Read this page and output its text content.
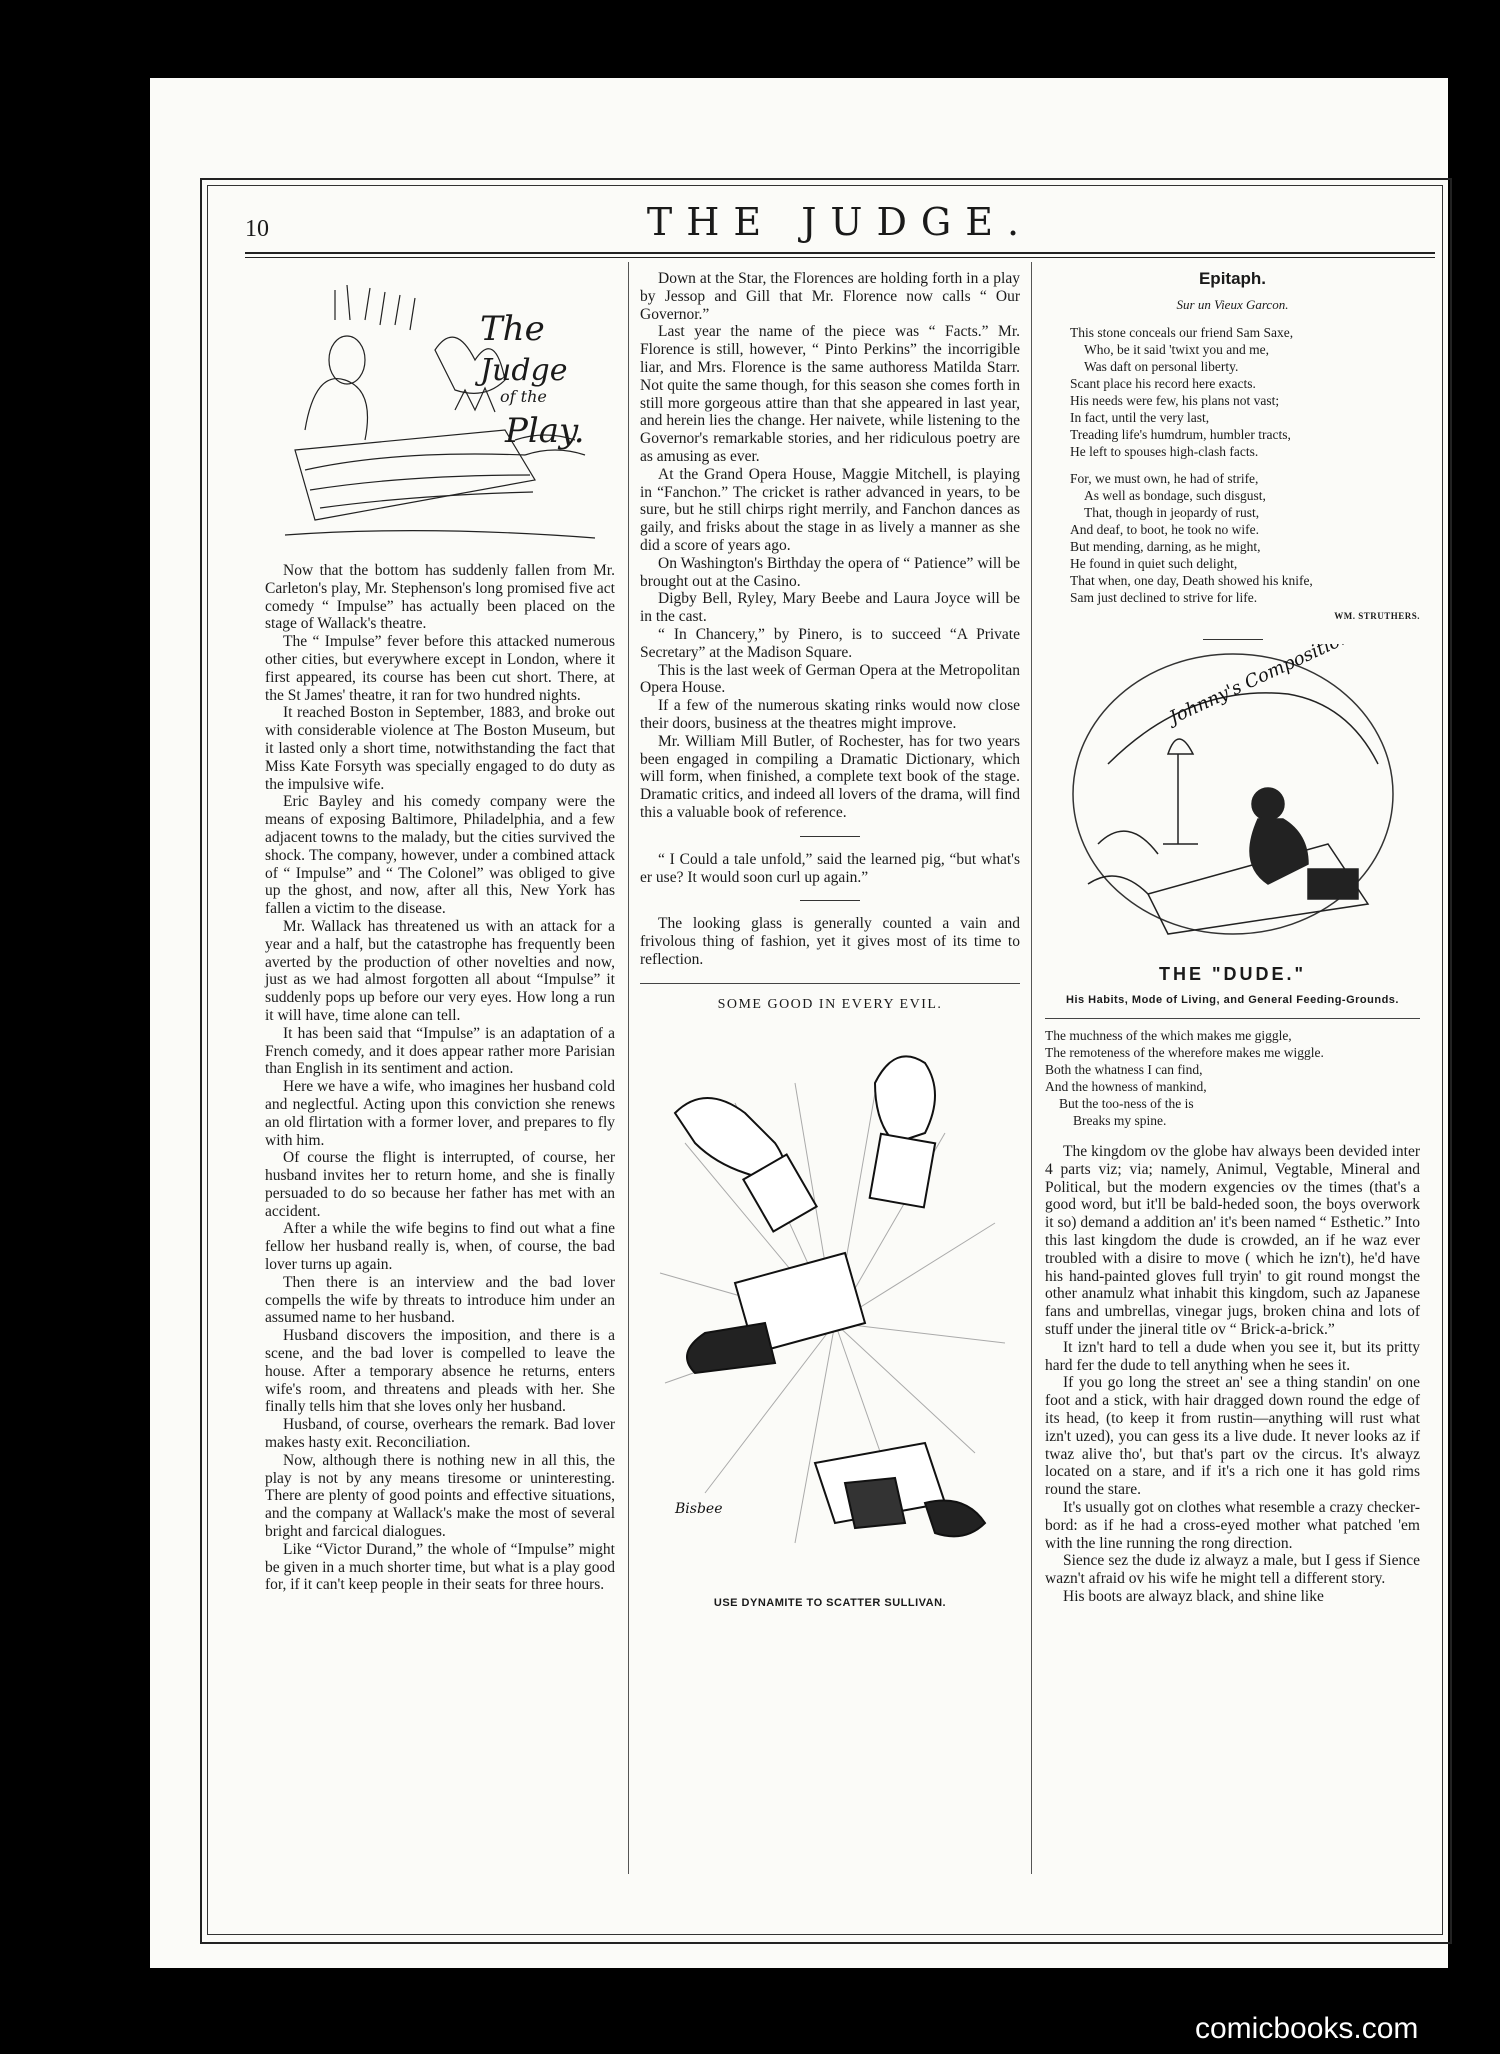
10	THE JUDGE.
The
Judge
of the
Play.

Now that the bottom has suddenly fallen from Mr. Carleton's play, Mr. Stephenson's long promised five act comedy “ Impulse” has actually been placed on the stage of Wallack's theatre.

The “ Impulse” fever before this attacked numerous other cities, but everywhere except in London, where it first appeared, its course has been cut short. There, at the St James' theatre, it ran for two hundred nights.

It reached Boston in September, 1883, and broke out with considerable violence at The Boston Museum, but it lasted only a short time, notwithstanding the fact that Miss Kate Forsyth was specially engaged to do duty as the impulsive wife.

Eric Bayley and his comedy company were the means of exposing Baltimore, Philadelphia, and a few adjacent towns to the malady, but the cities survived the shock. The company, however, under a combined attack of “ Impulse” and “ The Colonel” was obliged to give up the ghost, and now, after all this, New York has fallen a victim to the disease.

Mr. Wallack has threatened us with an attack for a year and a half, but the catastrophe has frequently been averted by the production of other novelties and now, just as we had almost forgotten all about “Impulse” it suddenly pops up before our very eyes. How long a run it will have, time alone can tell.

It has been said that “Impulse” is an adaptation of a French comedy, and it does appear rather more Parisian than English in its sentiment and action.

Here we have a wife, who imagines her husband cold and neglectful. Acting upon this conviction she renews an old flirtation with a former lover, and prepares to fly with him.

Of course the flight is interrupted, of course, her husband invites her to return home, and she is finally persuaded to do so because her father has met with an accident.

After a while the wife begins to find out what a fine fellow her husband really is, when, of course, the bad lover turns up again.

Then there is an interview and the bad lover compells the wife by threats to introduce him under an assumed name to her husband.

Husband discovers the imposition, and there is a scene, and the bad lover is compelled to leave the house. After a temporary absence he returns, enters wife's room, and threatens and pleads with her. She finally tells him that she loves only her husband.

Husband, of course, overhears the remark. Bad lover makes hasty exit. Reconciliation.

Now, although there is nothing new in all this, the play is not by any means tiresome or uninteresting. There are plenty of good points and effective situations, and the company at Wallack's make the most of several bright and farcical dialogues.

Like “Victor Durand,” the whole of “Impulse” might be given in a much shorter time, but what is a play good for, if it can't keep people in their seats for three hours.

Down at the Star, the Florences are holding forth in a play by Jessop and Gill that Mr. Florence now calls “ Our Governor.”

Last year the name of the piece was “ Facts.” Mr. Florence is still, however, “ Pinto Perkins” the incorrigible liar, and Mrs. Florence is the same authoress Matilda Starr. Not quite the same though, for this season she comes forth in still more gorgeous attire than that she appeared in last year, and herein lies the change. Her naivete, while listening to the Governor's remarkable stories, and her ridiculous poetry are as amusing as ever.

At the Grand Opera House, Maggie Mitchell, is playing in “Fanchon.” The cricket is rather advanced in years, to be sure, but he still chirps right merrily, and Fanchon dances as gaily, and frisks about the stage in as lively a manner as she did a score of years ago.

On Washington's Birthday the opera of “ Patience” will be brought out at the Casino.

Digby Bell, Ryley, Mary Beebe and Laura Joyce will be in the cast.

“ In Chancery,” by Pinero, is to succeed “A Private Secretary” at the Madison Square.

This is the last week of German Opera at the Metropolitan Opera House.

If a few of the numerous skating rinks would now close their doors, business at the theatres might improve.

Mr. William Mill Butler, of Rochester, has for two years been engaged in compiling a Dramatic Dictionary, which will form, when finished, a complete text book of the stage. Dramatic critics, and indeed all lovers of the drama, will find this a valuable book of reference.

“ I Could a tale unfold,” said the learned pig, “but what's er use? It would soon curl up again.”

The looking glass is generally counted a vain and frivolous thing of fashion, yet it gives most of its time to reflection.

SOME GOOD IN EVERY EVIL.
Bisbee
USE DYNAMITE TO SCATTER SULLIVAN.
Epitaph.
Sur un Vieux Garcon.
This stone conceals our friend Sam Saxe,
Who, be it said 'twixt you and me,
Was daft on personal liberty.
Scant place his record here exacts.
His needs were few, his plans not vast;
In fact, until the very last,
Treading life's humdrum, humbler tracts,
He left to spouses high-clash facts.
For, we must own, he had of strife,
As well as bondage, such disgust,
That, though in jeopardy of rust,
And deaf, to boot, he took no wife.
But mending, darning, as he might,
He found in quiet such delight,
That when, one day, Death showed his knife,
Sam just declined to strive for life.
WM. STRUTHERS.
Johnny's Composition
THE "DUDE."
His Habits, Mode of Living, and General Feeding-Grounds.
The muchness of the which makes me giggle,
The remoteness of the wherefore makes me wiggle.
Both the whatness I can find,
And the howness of mankind,
But the too-ness of the is
Breaks my spine.

The kingdom ov the globe hav always been devided inter 4 parts viz; via; namely, Animul, Vegtable, Mineral and Political, but the modern exgencies ov the times (that's a good word, but it'll be bald-heded soon, the boys overwork it so) demand a addition an' it's been named “ Esthetic.” Into this last kingdom the dude is crowded, an if he waz ever troubled with a disire to move ( which he izn't), he'd have his hand-painted gloves full tryin' to git round mongst the other anamulz what inhabit this kingdom, such az Japanese fans and umbrellas, vinegar jugs, broken china and lots of stuff under the jineral title ov “ Brick-a-brick.”

It izn't hard to tell a dude when you see it, but its pritty hard fer the dude to tell anything when he sees it.

If you go long the street an' see a thing standin' on one foot and a stick, with hair dragged down round the edge of its head, (to keep it from rustin—anything will rust what izn't uzed), you can gess its a live dude. It never looks az if twaz alive tho', but that's part ov the circus. It's alwayz located on a stare, and if it's a rich one it has gold rims round the stare.

It's usually got on clothes what resemble a crazy checker-bord: as if he had a cross-eyed mother what patched 'em with the line running the rong direction.

Sience sez the dude iz alwayz a male, but I gess if Sience wazn't afraid ov his wife he might tell a different story.

His boots are alwayz black, and shine like

comicbooks.com
